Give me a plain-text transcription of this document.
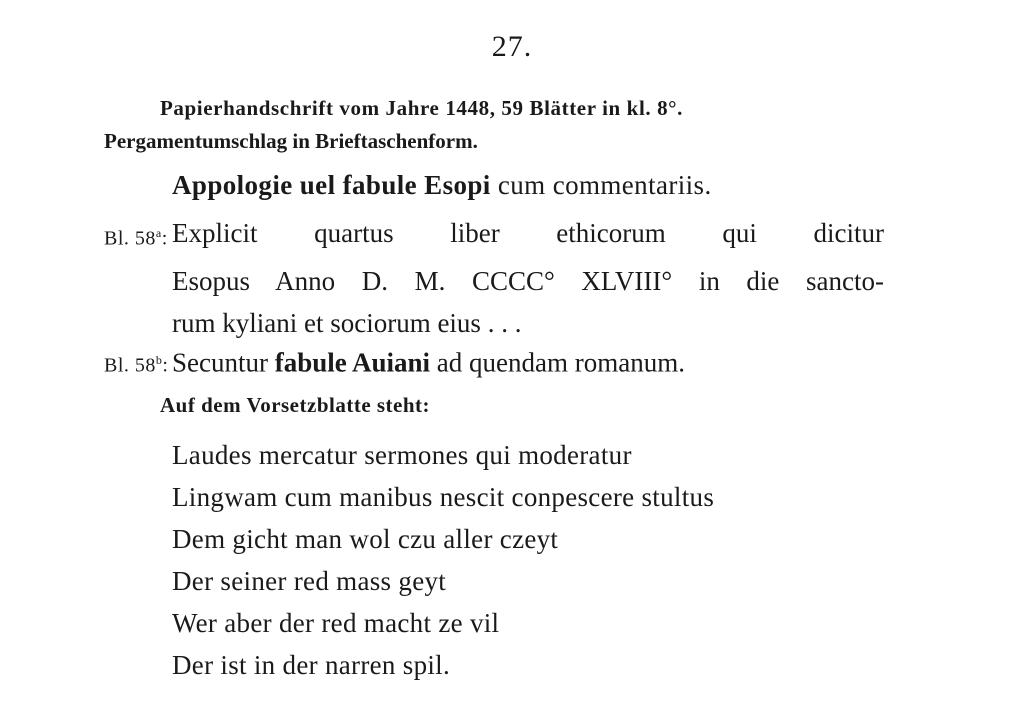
27.
Papierhandschrift vom Jahre 1448, 59 Blätter in kl. 8°.
Pergamentumschlag in Brieftaschenform.
Appologie uel fabule Esopi cum commentariis.
Bl. 58$^a$: Explicit quartus liber ethicorum qui dicitur
Esopus Anno D. M. CCCC° XLVIII° in die sancto-
rum kyliani et sociorum eius . . .
Bl. 58$^b$: Secuntur fabule Auiani ad quendam romanum.
Auf dem Vorsetzblatte steht:
Laudes mercatur sermones qui moderatur
Lingwam cum manibus nescit conpescere stultus
Dem gicht man wol czu aller czeyt
Der seiner red mass geyt
Wer aber der red macht ze vil
Der ist in der narren spil.
